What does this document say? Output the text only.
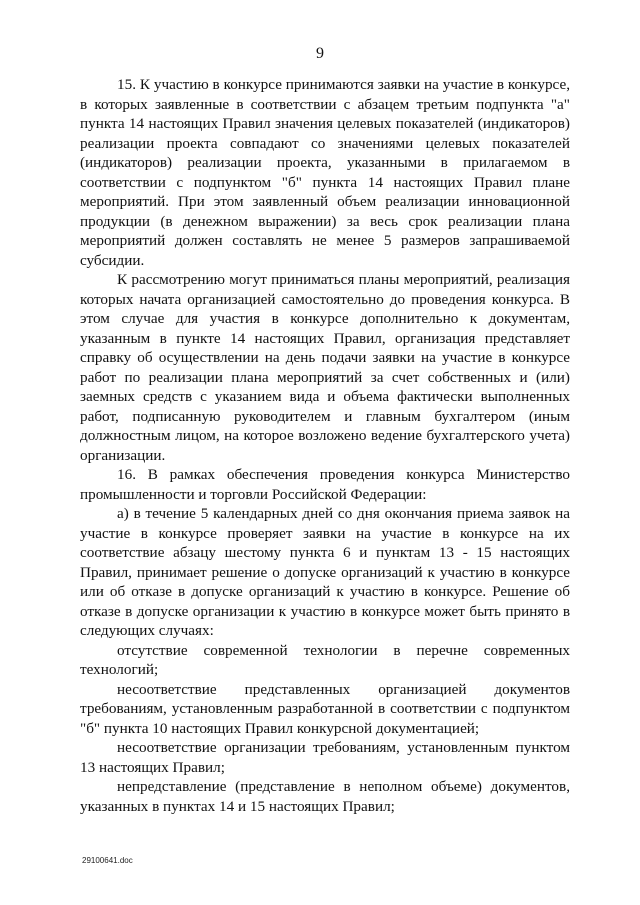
9

15. К участию в конкурсе принимаются заявки на участие в конкурсе, в которых заявленные в соответствии с абзацем третьим подпункта "а" пункта 14 настоящих Правил значения целевых показателей (индикаторов) реализации проекта совпадают со значениями целевых показателей (индикаторов) реализации проекта, указанными в прилагаемом в соответствии с подпунктом "б" пункта 14 настоящих Правил плане мероприятий. При этом заявленный объем реализации инновационной продукции (в денежном выражении) за весь срок реализации плана мероприятий должен составлять не менее 5 размеров запрашиваемой субсидии.

К рассмотрению могут приниматься планы мероприятий, реализация которых начата организацией самостоятельно до проведения конкурса. В этом случае для участия в конкурсе дополнительно к документам, указанным в пункте 14 настоящих Правил, организация представляет справку об осуществлении на день подачи заявки на участие в конкурсе работ по реализации плана мероприятий за счет собственных и (или) заемных средств с указанием вида и объема фактически выполненных работ, подписанную руководителем и главным бухгалтером (иным должностным лицом, на которое возложено ведение бухгалтерского учета) организации.

16. В рамках обеспечения проведения конкурса Министерство промышленности и торговли Российской Федерации:

а) в течение 5 календарных дней со дня окончания приема заявок на участие в конкурсе проверяет заявки на участие в конкурсе на их соответствие абзацу шестому пункта 6 и пунктам 13 - 15 настоящих Правил, принимает решение о допуске организаций к участию в конкурсе или об отказе в допуске организаций к участию в конкурсе. Решение об отказе в допуске организации к участию в конкурсе может быть принято в следующих случаях:

отсутствие современной технологии в перечне современных технологий;

несоответствие представленных организацией документов требованиям, установленным разработанной в соответствии с подпунктом "б" пункта 10 настоящих Правил конкурсной документацией;

несоответствие организации требованиям, установленным пунктом 13 настоящих Правил;

непредставление (представление в неполном объеме) документов, указанных в пунктах 14 и 15 настоящих Правил;

29100641.doc
